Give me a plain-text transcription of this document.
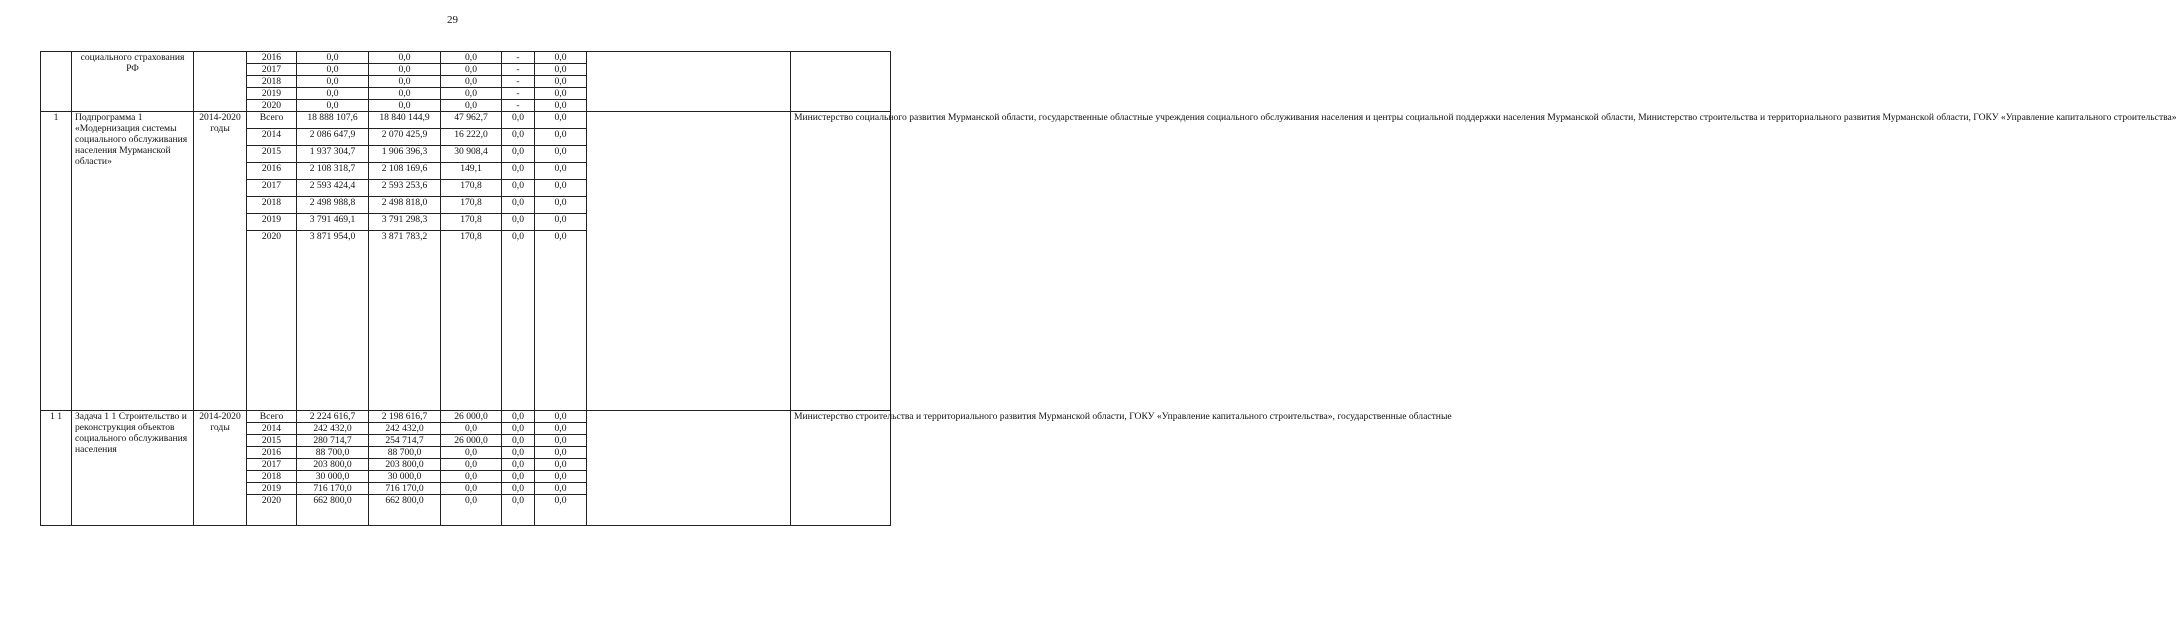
29
	социального страхования РФ		2016	0,0	0,0	0,0	-	0,0		
			2017	0,0	0,0	0,0	-	0,0		
			2018	0,0	0,0	0,0	-	0,0		
			2019	0,0	0,0	0,0	-	0,0		
			2020	0,0	0,0	0,0	-	0,0		
1	Подпрограмма 1 «Модернизация системы социального обслуживания населения Мурманской области»	2014-2020 годы	Всего	18 888 107,6	18 840 144,9	47 962,7	0,0	0,0		Министерство социального развития Мурманской области, государственные областные учреждения социального обслуживания населения и центры социальной поддержки населения Мурманской области, Министерство строительства и территориального развития Мурманской области, ГОКУ «Управление капитального строительства»
			2014	2 086 647,9	2 070 425,9	16 222,0	0,0	0,0		
			2015	1 937 304,7	1 906 396,3	30 908,4	0,0	0,0		
			2016	2 108 318,7	2 108 169,6	149,1	0,0	0,0		
			2017	2 593 424,4	2 593 253,6	170,8	0,0	0,0		
			2018	2 498 988,8	2 498 818,0	170,8	0,0	0,0		
			2019	3 791 469,1	3 791 298,3	170,8	0,0	0,0		
			2020	3 871 954,0	3 871 783,2	170,8	0,0	0,0		
1 1	Задача 1 1 Строительство и реконструкция объектов социального обслуживания населения	2014-2020 годы	Всего	2 224 616,7	2 198 616,7	26 000,0	0,0	0,0		Министерство строительства и территориального развития Мурманской области, ГОКУ «Управление капитального строительства», государственные областные
			2014	242 432,0	242 432,0	0,0	0,0	0,0		
			2015	280 714,7	254 714,7	26 000,0	0,0	0,0		
			2016	88 700,0	88 700,0	0,0	0,0	0,0		
			2017	203 800,0	203 800,0	0,0	0,0	0,0		
			2018	30 000,0	30 000,0	0,0	0,0	0,0		
			2019	716 170,0	716 170,0	0,0	0,0	0,0		
			2020	662 800,0	662 800,0	0,0	0,0	0,0		
